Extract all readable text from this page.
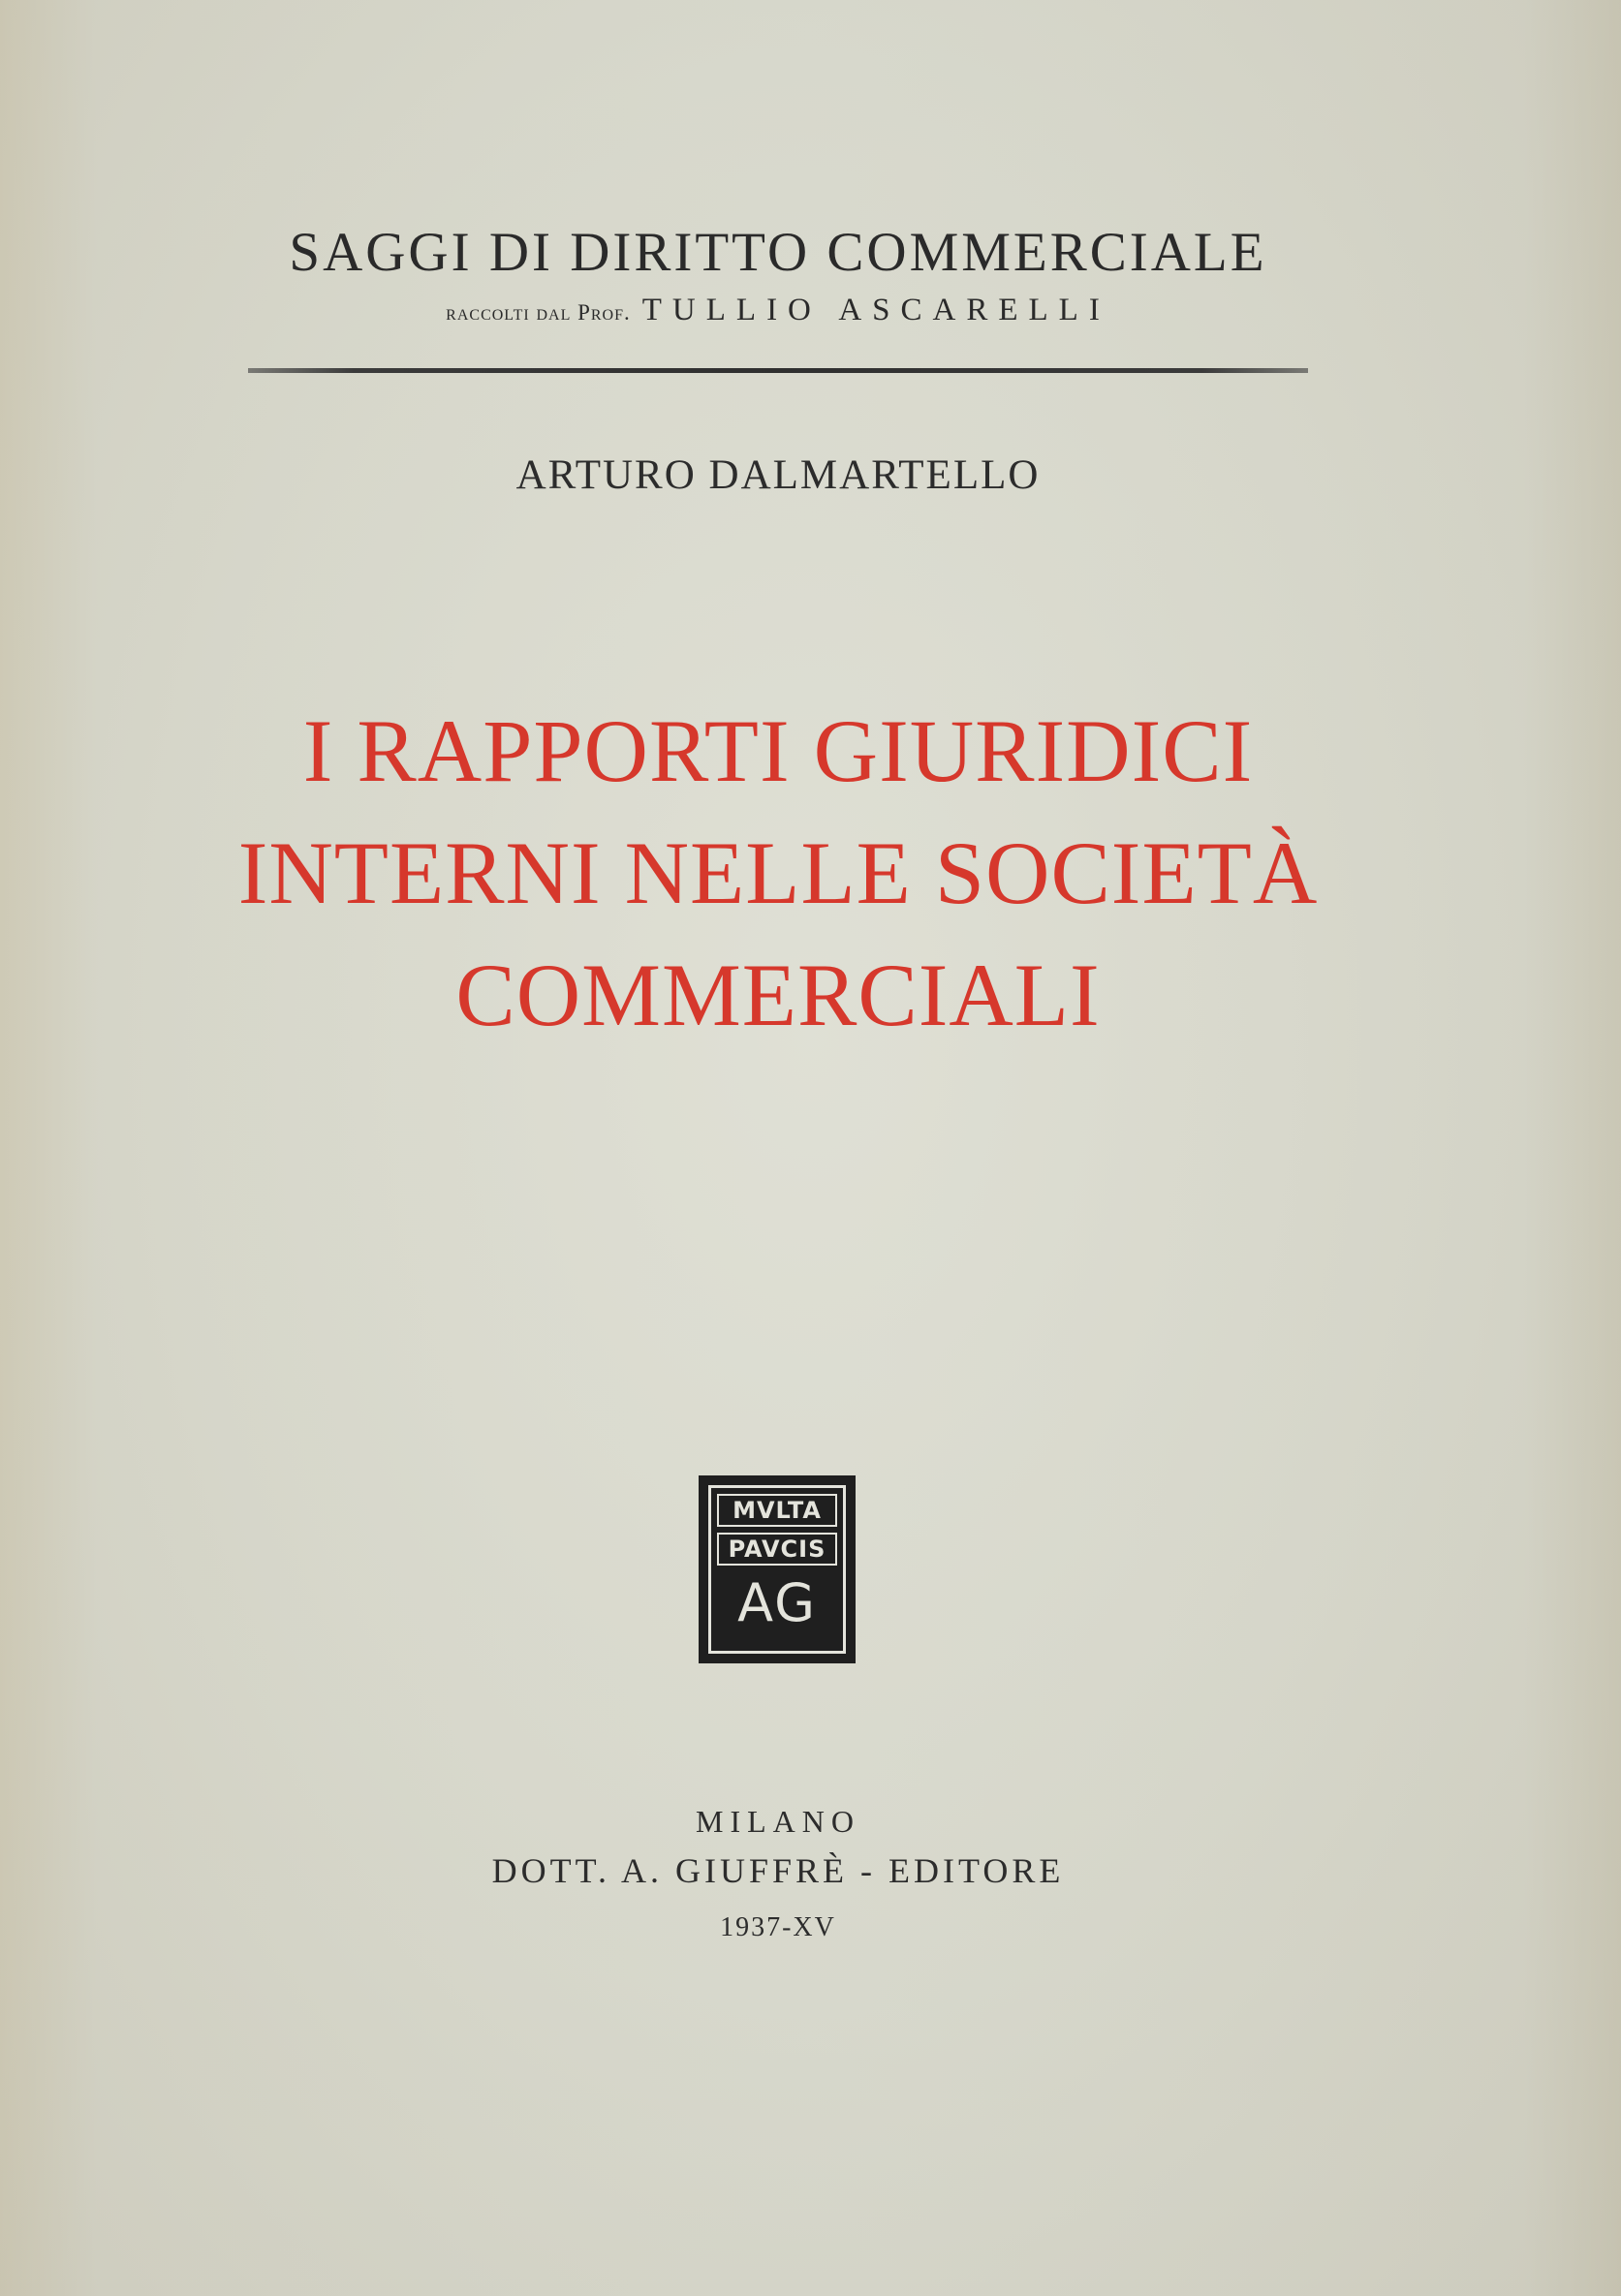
SAGGI DI DIRITTO COMMERCIALE
raccolti dal Prof. TULLIO ASCARELLI
ARTURO DALMARTELLO
I RAPPORTI GIURIDICI
INTERNI NELLE SOCIETÀ
COMMERCIALI
MVLTA
PAVCIS
AG
MILANO
DOTT. A. GIUFFRÈ - EDITORE
1937-XV
